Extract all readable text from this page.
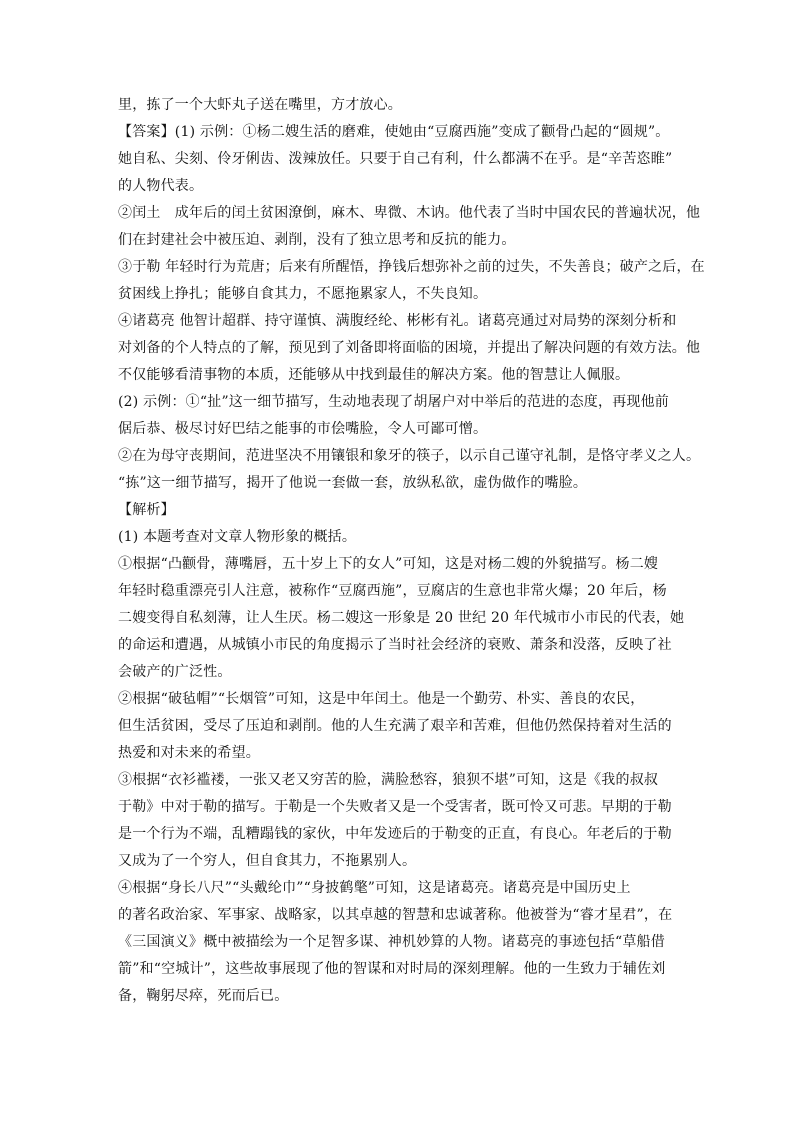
里，拣了一个大虾丸子送在嘴里，方才放心。
【答案】(1) 示例：①杨二嫂生活的磨难，使她由“豆腐西施”变成了颧骨凸起的“圆规”。
她自私、尖刻、伶牙俐齿、泼辣放任。只要于自己有利，什么都满不在乎。是“辛苦恣睢”
的人物代表。
②闰土　成年后的闰土贫困潦倒，麻木、卑微、木讷。他代表了当时中国农民的普遍状况，他
们在封建社会中被压迫、剥削，没有了独立思考和反抗的能力。
③于勒 年轻时行为荒唐；后来有所醒悟，挣钱后想弥补之前的过失，不失善良；破产之后，在
贫困线上挣扎；能够自食其力，不愿拖累家人，不失良知。
④诸葛亮 他智计超群、持守谨慎、满腹经纶、彬彬有礼。诸葛亮通过对局势的深刻分析和
对刘备的个人特点的了解，预见到了刘备即将面临的困境，并提出了解决问题的有效方法。他
不仅能够看清事物的本质，还能够从中找到最佳的解决方案。他的智慧让人佩服。
(2) 示例：①“扯”这一细节描写，生动地表现了胡屠户对中举后的范进的态度，再现他前
倨后恭、极尽讨好巴结之能事的市侩嘴脸，令人可鄙可憎。
②在为母守丧期间，范进坚决不用镶银和象牙的筷子，以示自己谨守礼制，是恪守孝义之人。
“拣”这一细节描写，揭开了他说一套做一套，放纵私欲，虚伪做作的嘴脸。
【解析】
(1) 本题考查对文章人物形象的概括。
①根据“凸颧骨，薄嘴唇，五十岁上下的女人”可知，这是对杨二嫂的外貌描写。杨二嫂
年轻时稳重漂亮引人注意，被称作“豆腐西施”，豆腐店的生意也非常火爆；20 年后，杨
二嫂变得自私刻薄，让人生厌。杨二嫂这一形象是 20 世纪 20 年代城市小市民的代表，她
的命运和遭遇，从城镇小市民的角度揭示了当时社会经济的衰败、萧条和没落，反映了社
会破产的广泛性。
②根据“破毡帽”“长烟管”可知，这是中年闰土。他是一个勤劳、朴实、善良的农民，
但生活贫困，受尽了压迫和剥削。他的人生充满了艰辛和苦难，但他仍然保持着对生活的
热爱和对未来的希望。
③根据“衣衫褴褛，一张又老又穷苦的脸，满脸愁容，狼狈不堪”可知，这是《我的叔叔
于勒》中对于勒的描写。于勒是一个失败者又是一个受害者，既可怜又可悲。早期的于勒
是一个行为不端，乱糟蹋钱的家伙，中年发迹后的于勒变的正直，有良心。年老后的于勒
又成为了一个穷人，但自食其力，不拖累别人。
④根据“身长八尺”“头戴纶巾”“身披鹤氅”可知，这是诸葛亮。诸葛亮是中国历史上
的著名政治家、军事家、战略家，以其卓越的智慧和忠诚著称。他被誉为“睿才星君”，在
《三国演义》概中被描绘为一个足智多谋、神机妙算的人物。诸葛亮的事迹包括“草船借
箭”和“空城计”，这些故事展现了他的智谋和对时局的深刻理解。他的一生致力于辅佐刘
备，鞠躬尽瘁，死而后已。
